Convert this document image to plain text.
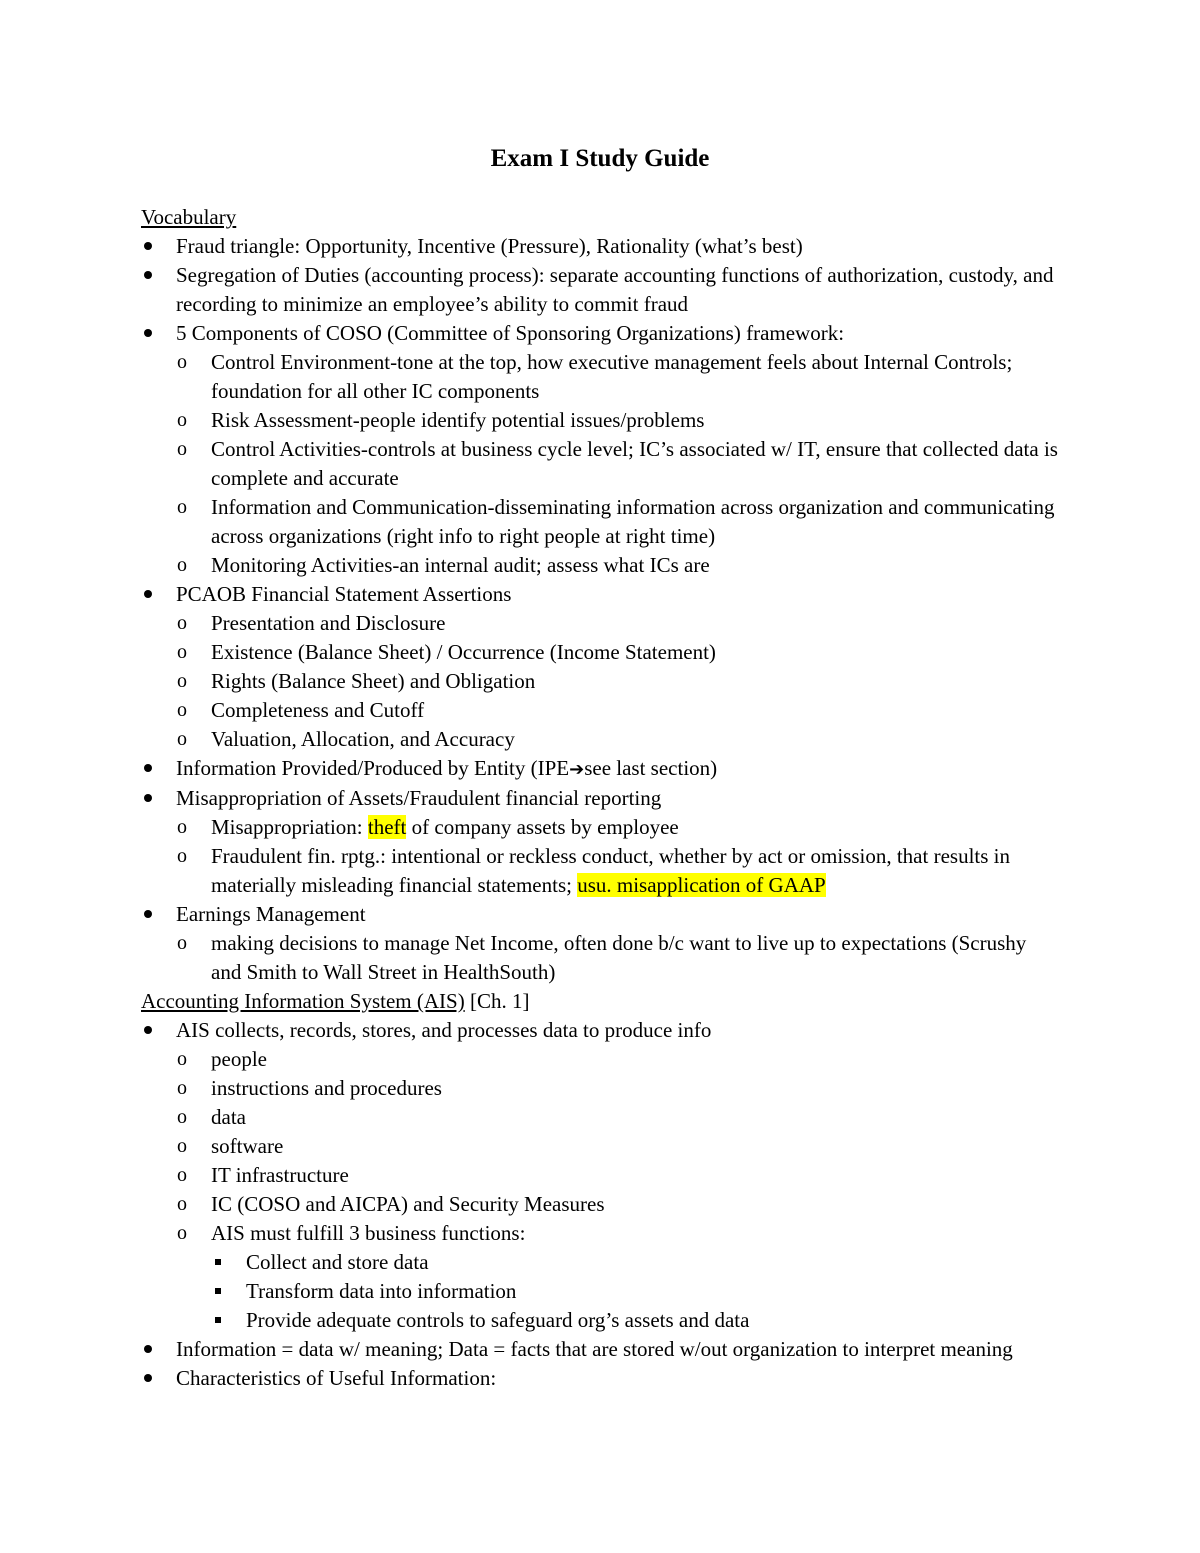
Exam I Study Guide
Vocabulary
Fraud triangle: Opportunity, Incentive (Pressure), Rationality (what’s best)
Segregation of Duties (accounting process): separate accounting functions of authorization, custody, and recording to minimize an employee’s ability to commit fraud
5 Components of COSO (Committee of Sponsoring Organizations) framework:
o	Control Environment-tone at the top, how executive management feels about Internal Controls; foundation for all other IC components
o	Risk Assessment-people identify potential issues/problems
o	Control Activities-controls at business cycle level; IC’s associated w/ IT, ensure that collected data is complete and accurate
o	Information and Communication-disseminating information across organization and communicating across organizations (right info to right people at right time)
o	Monitoring Activities-an internal audit; assess what ICs are
PCAOB Financial Statement Assertions
o	Presentation and Disclosure
o	Existence (Balance Sheet) / Occurrence (Income Statement)
o	Rights (Balance Sheet) and Obligation
o	Completeness and Cutoff
o	Valuation, Allocation, and Accuracy
Information Provided/Produced by Entity (IPE➔see last section)
Misappropriation of Assets/Fraudulent financial reporting
o	Misappropriation: theft of company assets by employee
o	Fraudulent fin. rptg.: intentional or reckless conduct, whether by act or omission, that results in materially misleading financial statements; usu. misapplication of GAAP
Earnings Management
o	making decisions to manage Net Income, often done b/c want to live up to expectations (Scrushy and Smith to Wall Street in HealthSouth)
Accounting Information System (AIS) [Ch. 1]
AIS collects, records, stores, and processes data to produce info
o	people
o	instructions and procedures
o	data
o	software
o	IT infrastructure
o	IC (COSO and AICPA) and Security Measures
o	AIS must fulfill 3 business functions:
Collect and store data
Transform data into information
Provide adequate controls to safeguard org’s assets and data
Information = data w/ meaning; Data = facts that are stored w/out organization to interpret meaning
Characteristics of Useful Information:
